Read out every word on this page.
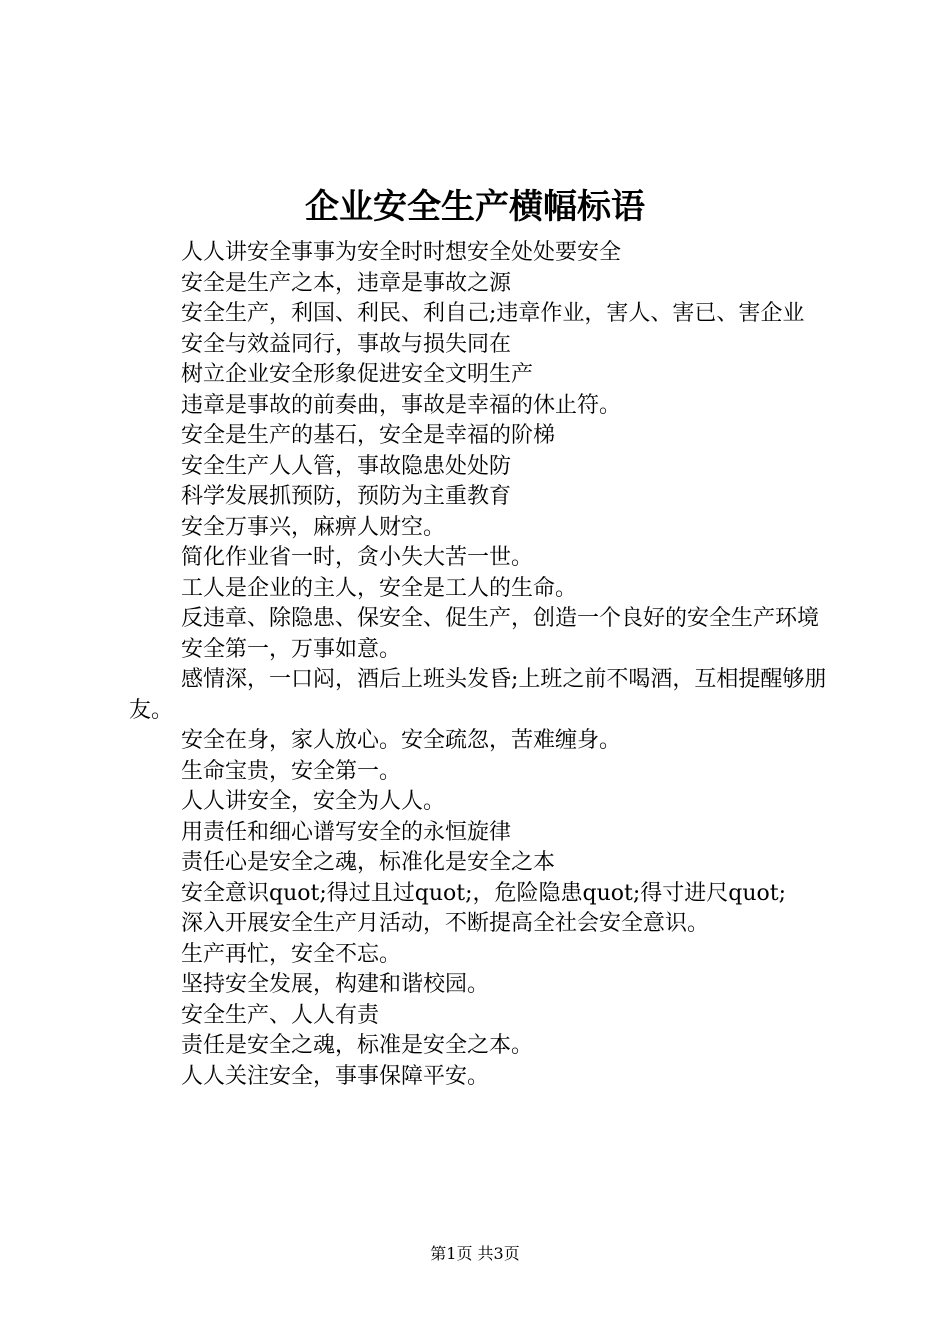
企业安全生产横幅标语

人人讲安全事事为安全时时想安全处处要安全

安全是生产之本，违章是事故之源

安全生产，利国、利民、利自己;违章作业，害人、害已、害企业

安全与效益同行，事故与损失同在

树立企业安全形象促进安全文明生产

违章是事故的前奏曲，事故是幸福的休止符。

安全是生产的基石，安全是幸福的阶梯

安全生产人人管，事故隐患处处防

科学发展抓预防，预防为主重教育

安全万事兴，麻痹人财空。

简化作业省一时，贪小失大苦一世。

工人是企业的主人，安全是工人的生命。

反违章、除隐患、保安全、促生产，创造一个良好的安全生产环境

安全第一，万事如意。

感情深，一口闷，酒后上班头发昏;上班之前不喝酒，互相提醒够朋友。

安全在身，家人放心。安全疏忽，苦难缠身。

生命宝贵，安全第一。

人人讲安全，安全为人人。

用责任和细心谱写安全的永恒旋律

责任心是安全之魂，标准化是安全之本

安全意识quot;得过且过quot;，危险隐患quot;得寸进尺quot;

深入开展安全生产月活动，不断提高全社会安全意识。

生产再忙，安全不忘。

坚持安全发展，构建和谐校园。

安全生产、人人有责

责任是安全之魂，标准是安全之本。

人人关注安全，事事保障平安。

第1页 共3页
